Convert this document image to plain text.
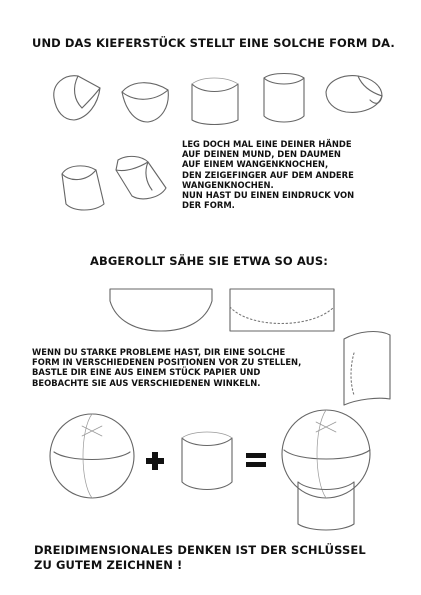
UND DAS KIEFERSTÜCK STELLT EINE SOLCHE FORM DA.

LEG DOCH MAL EINE DEINER HÄNDE

AUF DEINEN MUND, DEN DAUMEN

AUF EINEM WANGENKNOCHEN,

DEN ZEIGEFINGER AUF DEM ANDERE

WANGENKNOCHEN.

NUN HAST DU EINEN EINDRUCK VON

DER FORM.

ABGEROLLT SÄHE SIE ETWA SO AUS:

WENN DU STARKE PROBLEME HAST, DIR EINE SOLCHE

FORM IN VERSCHIEDENEN POSITIONEN VOR ZU STELLEN,

BASTLE DIR EINE AUS EINEM STÜCK PAPIER UND

BEOBACHTE SIE AUS VERSCHIEDENEN WINKELN.

DREIDIMENSIONALES DENKEN IST DER SCHLÜSSEL

ZU GUTEM ZEICHNEN !
